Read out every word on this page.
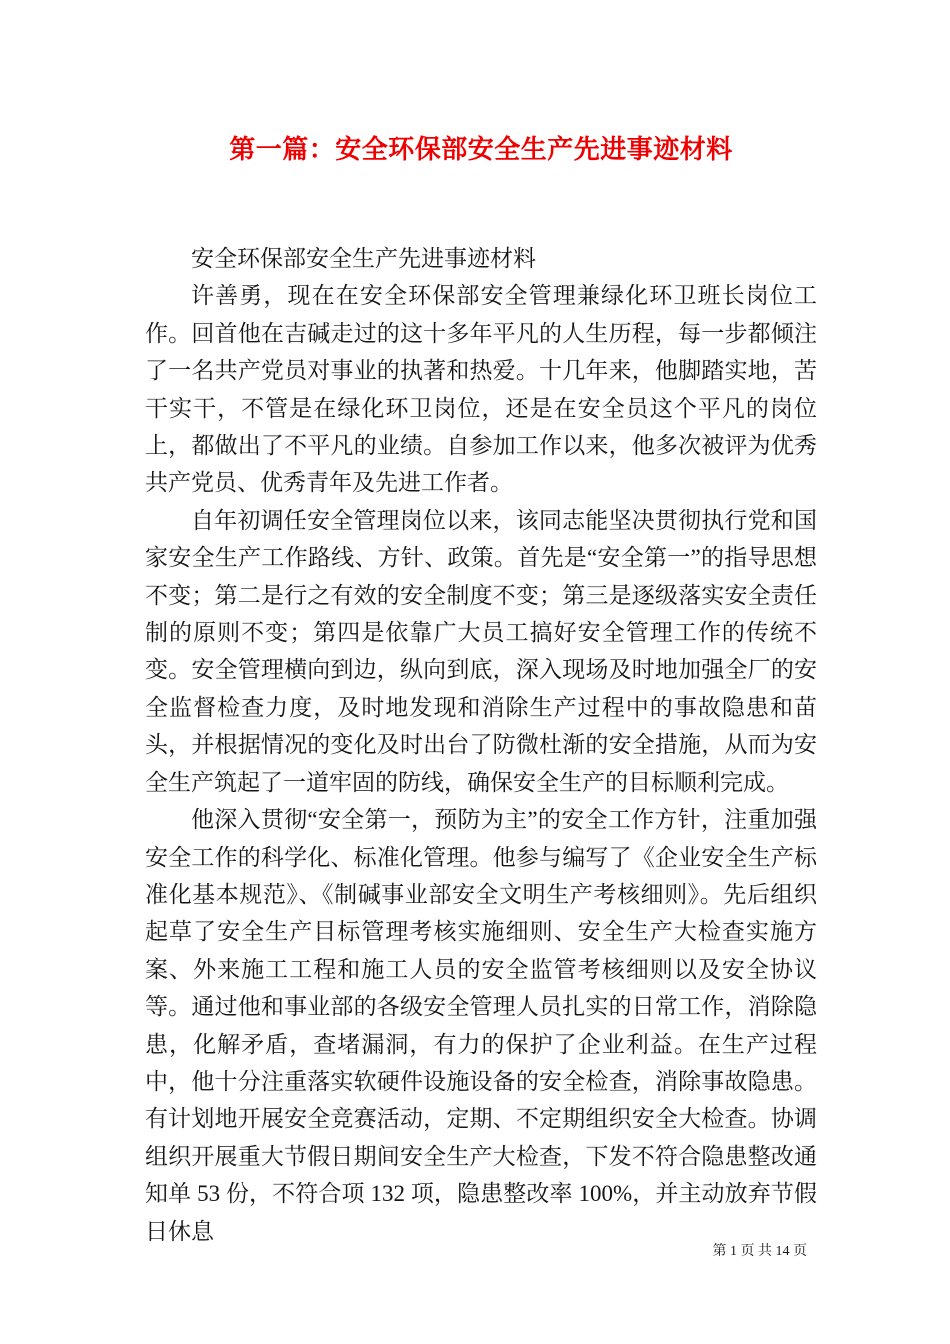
第一篇：安全环保部安全生产先进事迹材料

安全环保部安全生产先进事迹材料

许善勇，现在在安全环保部安全管理兼绿化环卫班长岗位工作。回首他在吉碱走过的这十多年平凡的人生历程，每一步都倾注了一名共产党员对事业的执著和热爱。十几年来，他脚踏实地，苦干实干，不管是在绿化环卫岗位，还是在安全员这个平凡的岗位上，都做出了不平凡的业绩。自参加工作以来，他多次被评为优秀共产党员、优秀青年及先进工作者。

自年初调任安全管理岗位以来，该同志能坚决贯彻执行党和国家安全生产工作路线、方针、政策。首先是“安全第一”的指导思想不变；第二是行之有效的安全制度不变；第三是逐级落实安全责任制的原则不变；第四是依靠广大员工搞好安全管理工作的传统不变。安全管理横向到边，纵向到底，深入现场及时地加强全厂的安全监督检查力度，及时地发现和消除生产过程中的事故隐患和苗头，并根据情况的变化及时出台了防微杜渐的安全措施，从而为安全生产筑起了一道牢固的防线，确保安全生产的目标顺利完成。

他深入贯彻“安全第一，预防为主”的安全工作方针，注重加强安全工作的科学化、标准化管理。他参与编写了《企业安全生产标准化基本规范》、《制碱事业部安全文明生产考核细则》。先后组织起草了安全生产目标管理考核实施细则、安全生产大检查实施方案、外来施工工程和施工人员的安全监管考核细则以及安全协议等。通过他和事业部的各级安全管理人员扎实的日常工作，消除隐患，化解矛盾，查堵漏洞，有力的保护了企业利益。在生产过程中，他十分注重落实软硬件设施设备的安全检查，消除事故隐患。有计划地开展安全竞赛活动，定期、不定期组织安全大检查。协调组织开展重大节假日期间安全生产大检查，下发不符合隐患整改通知单 53 份，不符合项 132 项，隐患整改率 100%，并主动放弃节假日休息

第 1 页 共 14 页
